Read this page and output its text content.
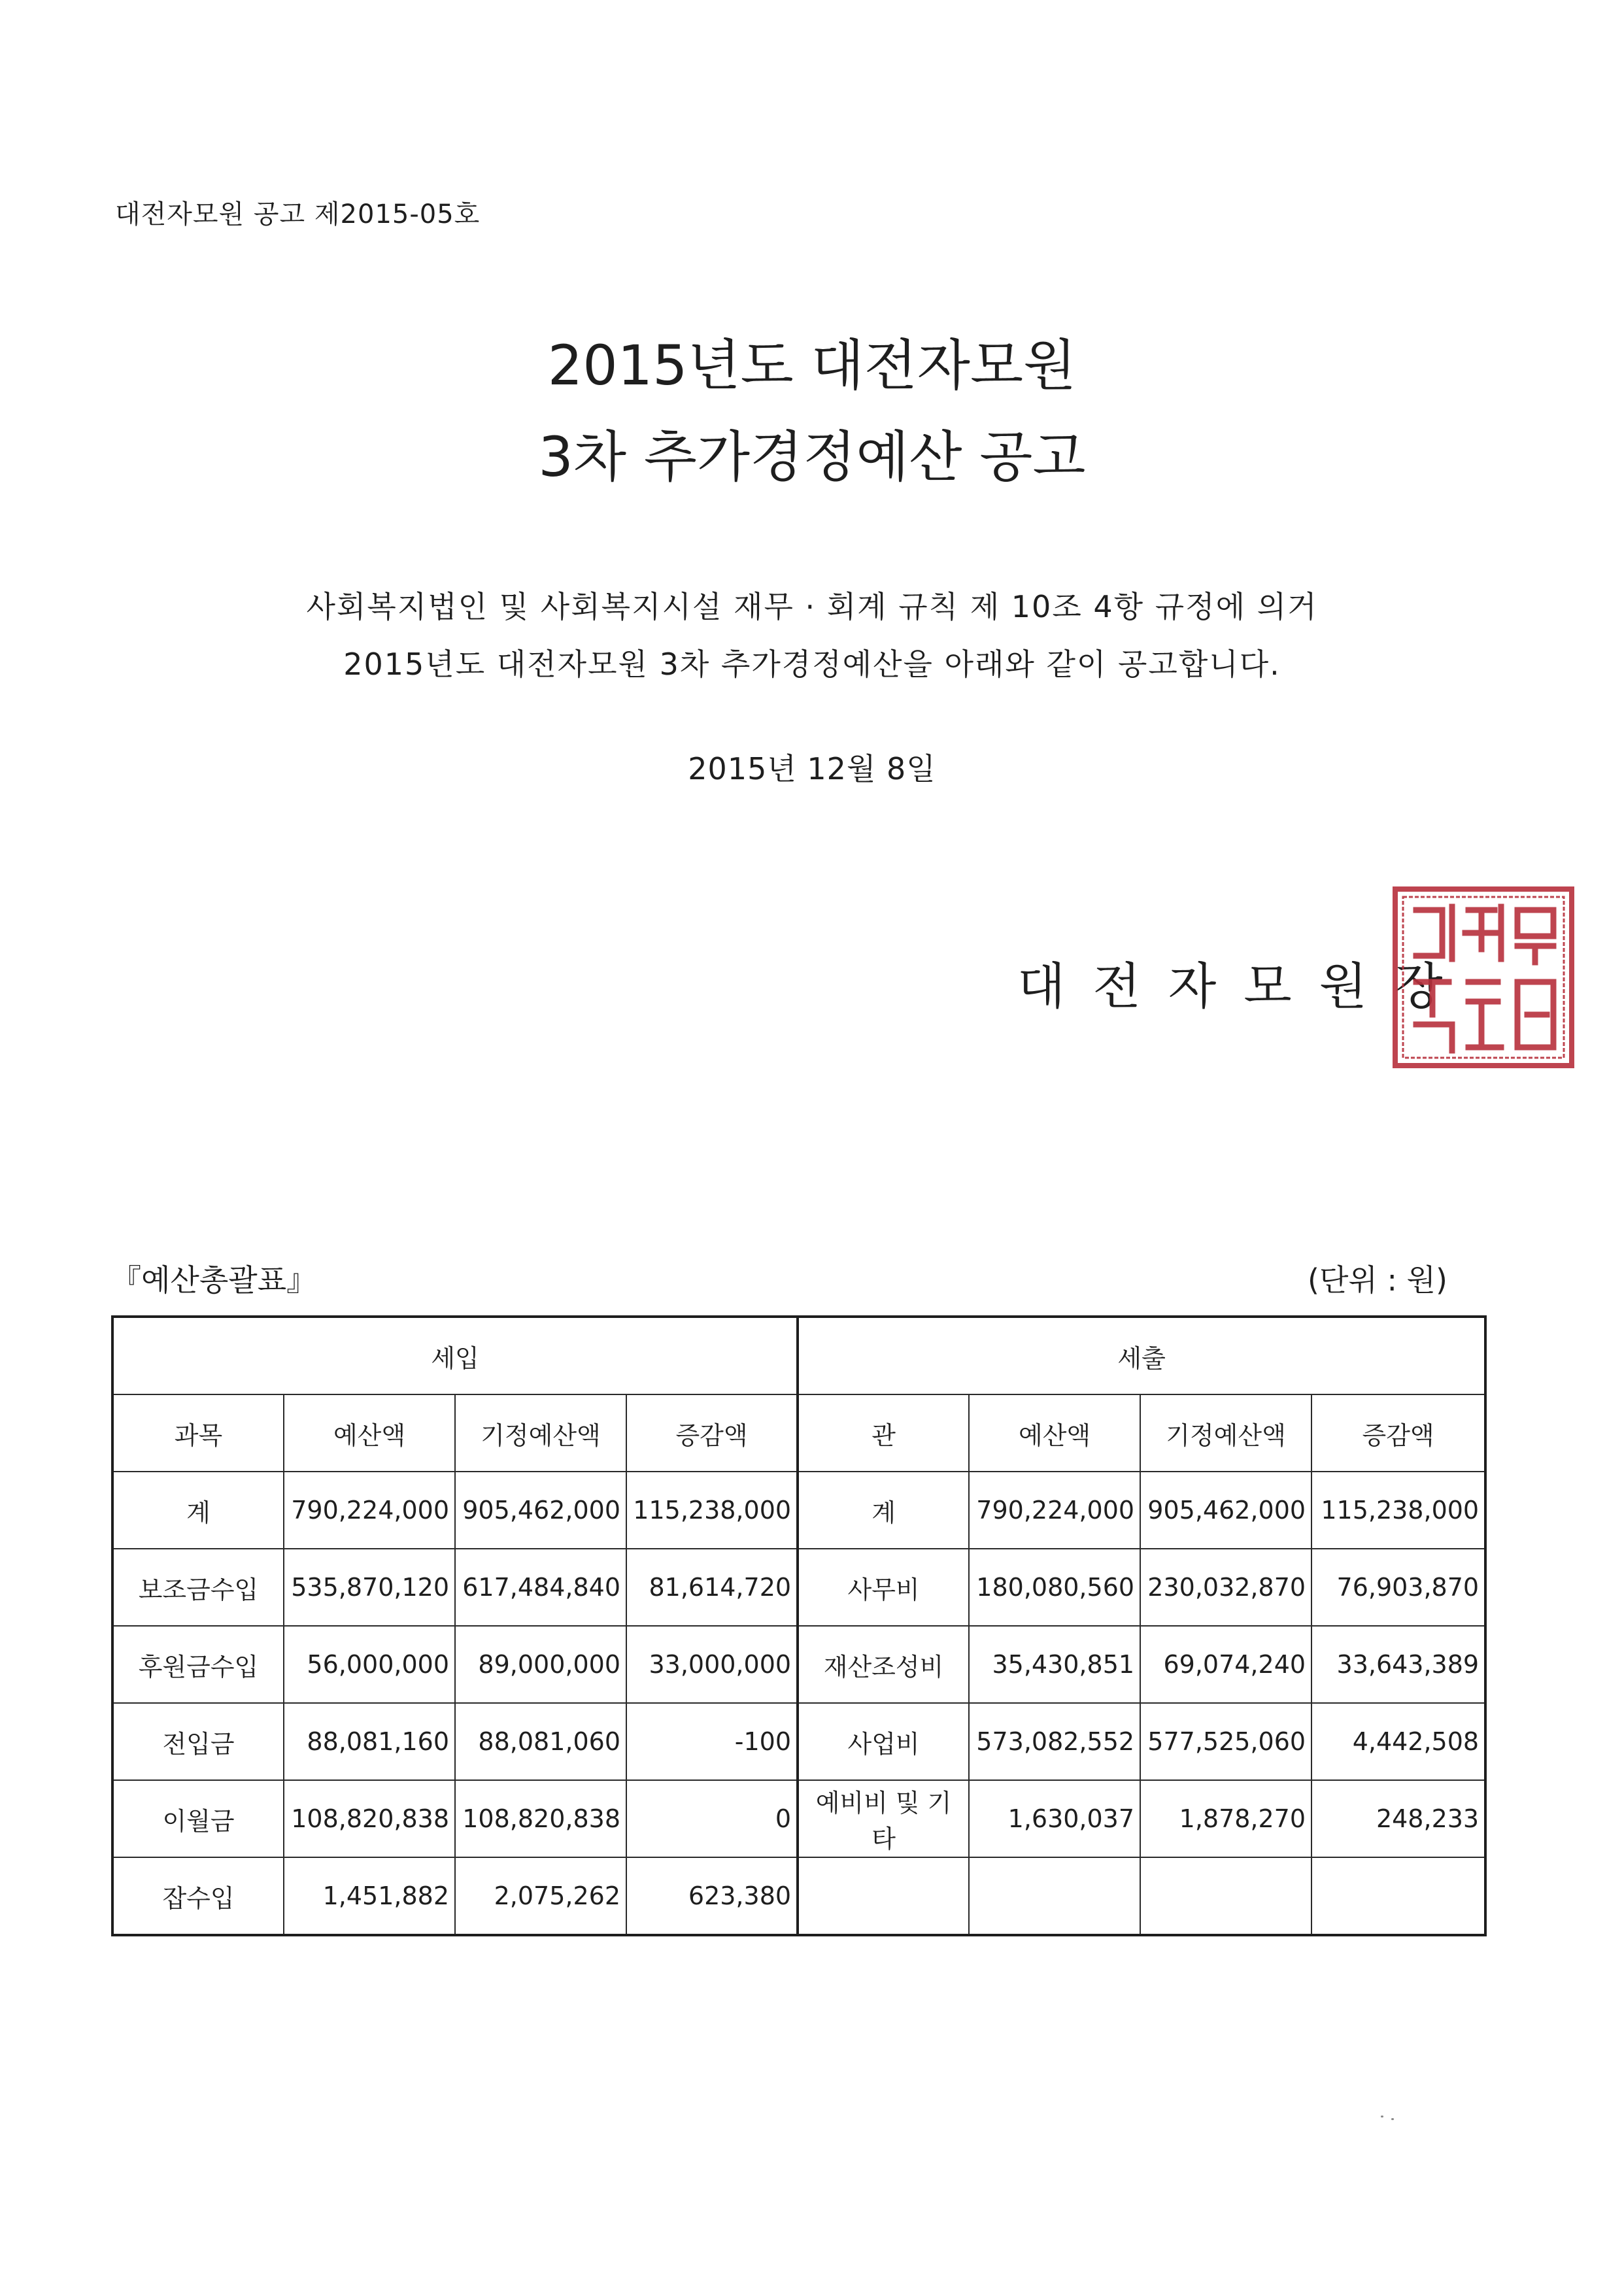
대전자모원 공고 제2015-05호
2015년도 대전자모원
3차 추가경정예산 공고
사회복지법인 및 사회복지시설 재무 · 회계 규칙 제 10조 4항 규정에 의거
2015년도 대전자모원 3차 추가경정예산을 아래와 같이 공고합니다.
2015년 12월 8일
대전자모원장
『예산총괄표』	(단위 : 원)
세입				세출			
과목	예산액	기정예산액	증감액	관	예산액	기정예산액	증감액
계	790,224,000	905,462,000	115,238,000	계	790,224,000	905,462,000	115,238,000
보조금수입	535,870,120	617,484,840	81,614,720	사무비	180,080,560	230,032,870	76,903,870
후원금수입	56,000,000	89,000,000	33,000,000	재산조성비	35,430,851	69,074,240	33,643,389
전입금	88,081,160	88,081,060	-100	사업비	573,082,552	577,525,060	4,442,508
이월금	108,820,838	108,820,838	0	예비비 및 기타	1,630,037	1,878,270	248,233
잡수입	1,451,882	2,075,262	623,380				
